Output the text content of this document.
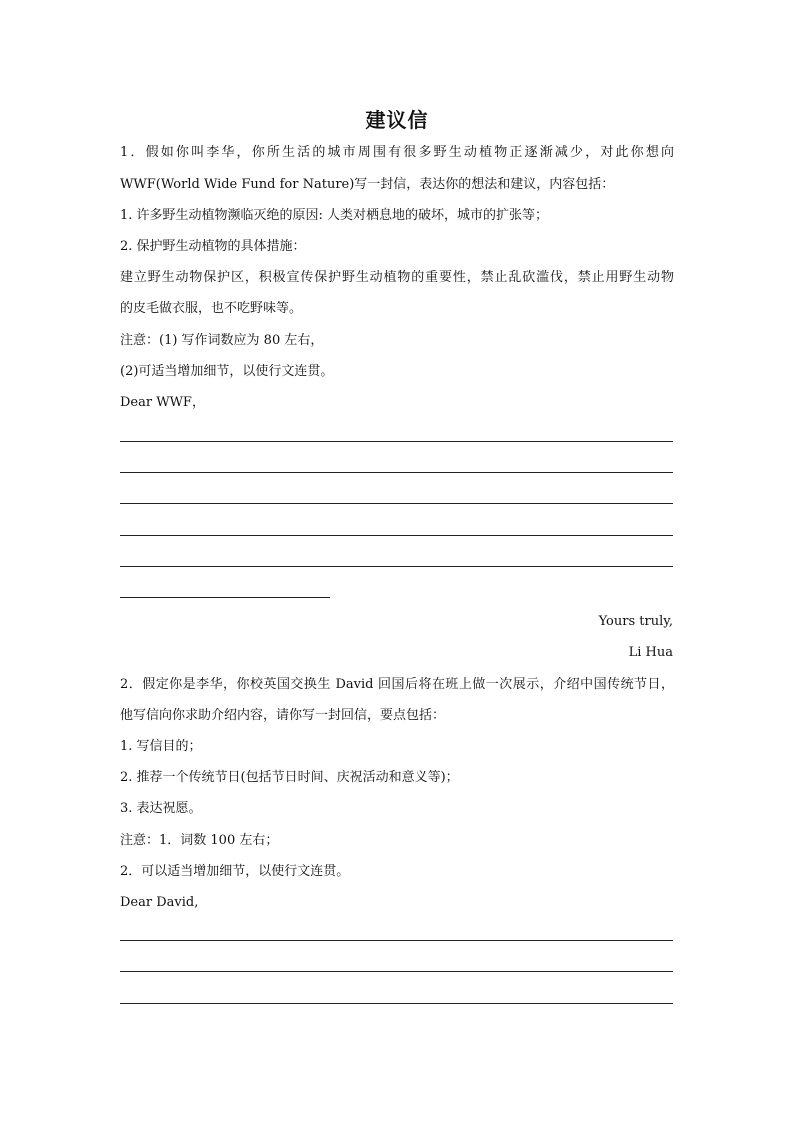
建议信
1．假如你叫李华，你所生活的城市周围有很多野生动植物正逐渐减少，对此你想向
WWF(World Wide Fund for Nature)写一封信，表达你的想法和建议，内容包括：
1. 许多野生动植物濒临灭绝的原因: 人类对栖息地的破坏，城市的扩张等；
2. 保护野生动植物的具体措施：
建立野生动物保护区，积极宣传保护野生动植物的重要性，禁止乱砍滥伐，禁止用野生动物
的皮毛做衣服，也不吃野味等。
注意：(1) 写作词数应为 80 左右，
(2)可适当增加细节，以使行文连贯。
Dear WWF，
Yours truly,
Li Hua
2．假定你是李华，你校英国交换生 David 回国后将在班上做一次展示，介绍中国传统节日，
他写信向你求助介绍内容，请你写一封回信，要点包括：
1. 写信目的；
2. 推荐一个传统节日(包括节日时间、庆祝活动和意义等)；
3. 表达祝愿。
注意：1．词数 100 左右；
2．可以适当增加细节，以使行文连贯。
Dear David,
